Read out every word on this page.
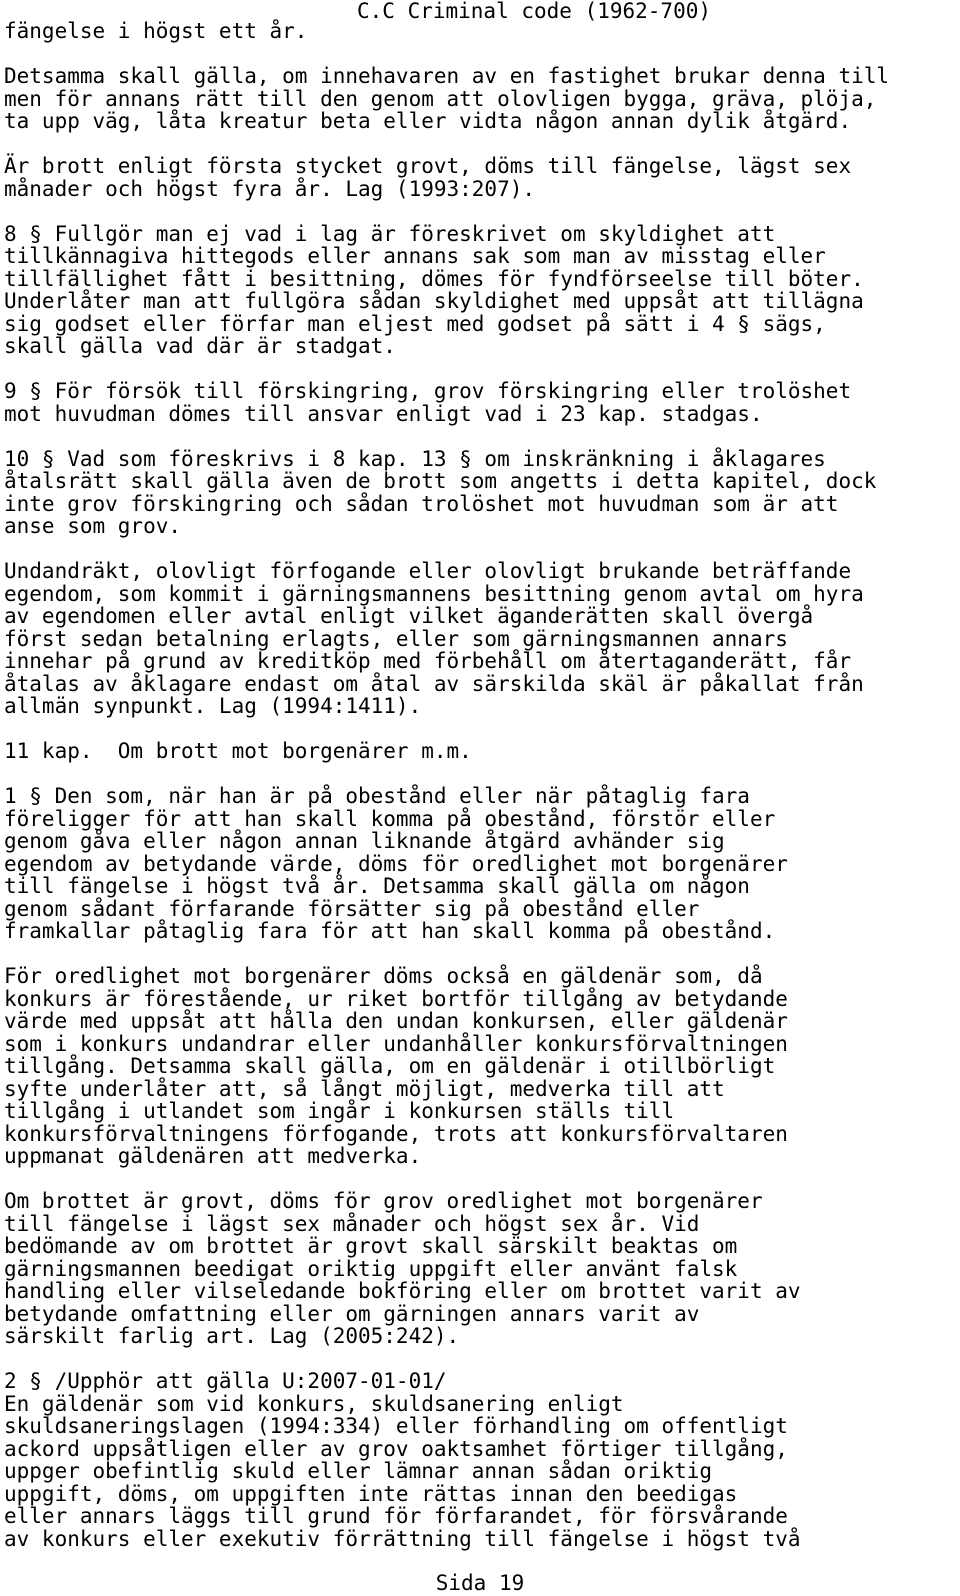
C.C Criminal code (1962-700)
fängelse i högst ett år.
Detsamma skall gälla, om innehavaren av en fastighet brukar denna till
men för annans rätt till den genom att olovligen bygga, gräva, plöja,
ta upp väg, låta kreatur beta eller vidta någon annan dylik åtgärd.
Är brott enligt första stycket grovt, döms till fängelse, lägst sex
månader och högst fyra år. Lag (1993:207).
8 § Fullgör man ej vad i lag är föreskrivet om skyldighet att
tillkännagiva hittegods eller annans sak som man av misstag eller
tillfällighet fått i besittning, dömes för fyndförseelse till böter.
Underlåter man att fullgöra sådan skyldighet med uppsåt att tillägna
sig godset eller förfar man eljest med godset på sätt i 4 § sägs,
skall gälla vad där är stadgat.
9 § För försök till förskingring, grov förskingring eller trolöshet
mot huvudman dömes till ansvar enligt vad i 23 kap. stadgas.
10 § Vad som föreskrivs i 8 kap. 13 § om inskränkning i åklagares
åtalsrätt skall gälla även de brott som angetts i detta kapitel, dock
inte grov förskingring och sådan trolöshet mot huvudman som är att
anse som grov.
Undandräkt, olovligt förfogande eller olovligt brukande beträffande
egendom, som kommit i gärningsmannens besittning genom avtal om hyra
av egendomen eller avtal enligt vilket äganderätten skall övergå
först sedan betalning erlagts, eller som gärningsmannen annars
innehar på grund av kreditköp med förbehåll om återtaganderätt, får
åtalas av åklagare endast om åtal av särskilda skäl är påkallat från
allmän synpunkt. Lag (1994:1411).
11 kap.  Om brott mot borgenärer m.m.
1 § Den som, när han är på obestånd eller när påtaglig fara
föreligger för att han skall komma på obestånd, förstör eller
genom gåva eller någon annan liknande åtgärd avhänder sig
egendom av betydande värde, döms för oredlighet mot borgenärer
till fängelse i högst två år. Detsamma skall gälla om någon
genom sådant förfarande försätter sig på obestånd eller
framkallar påtaglig fara för att han skall komma på obestånd.
För oredlighet mot borgenärer döms också en gäldenär som, då
konkurs är förestående, ur riket bortför tillgång av betydande
värde med uppsåt att hålla den undan konkursen, eller gäldenär
som i konkurs undandrar eller undanhåller konkursförvaltningen
tillgång. Detsamma skall gälla, om en gäldenär i otillbörligt
syfte underlåter att, så långt möjligt, medverka till att
tillgång i utlandet som ingår i konkursen ställs till
konkursförvaltningens förfogande, trots att konkursförvaltaren
uppmanat gäldenären att medverka.
Om brottet är grovt, döms för grov oredlighet mot borgenärer
till fängelse i lägst sex månader och högst sex år. Vid
bedömande av om brottet är grovt skall särskilt beaktas om
gärningsmannen beedigat oriktig uppgift eller använt falsk
handling eller vilseledande bokföring eller om brottet varit av
betydande omfattning eller om gärningen annars varit av
särskilt farlig art. Lag (2005:242).
2 § /Upphör att gälla U:2007-01-01/
En gäldenär som vid konkurs, skuldsanering enligt
skuldsaneringslagen (1994:334) eller förhandling om offentligt
ackord uppsåtligen eller av grov oaktsamhet förtiger tillgång,
uppger obefintlig skuld eller lämnar annan sådan oriktig
uppgift, döms, om uppgiften inte rättas innan den beedigas
eller annars läggs till grund för förfarandet, för försvårande
av konkurs eller exekutiv förrättning till fängelse i högst två
Sida 19
